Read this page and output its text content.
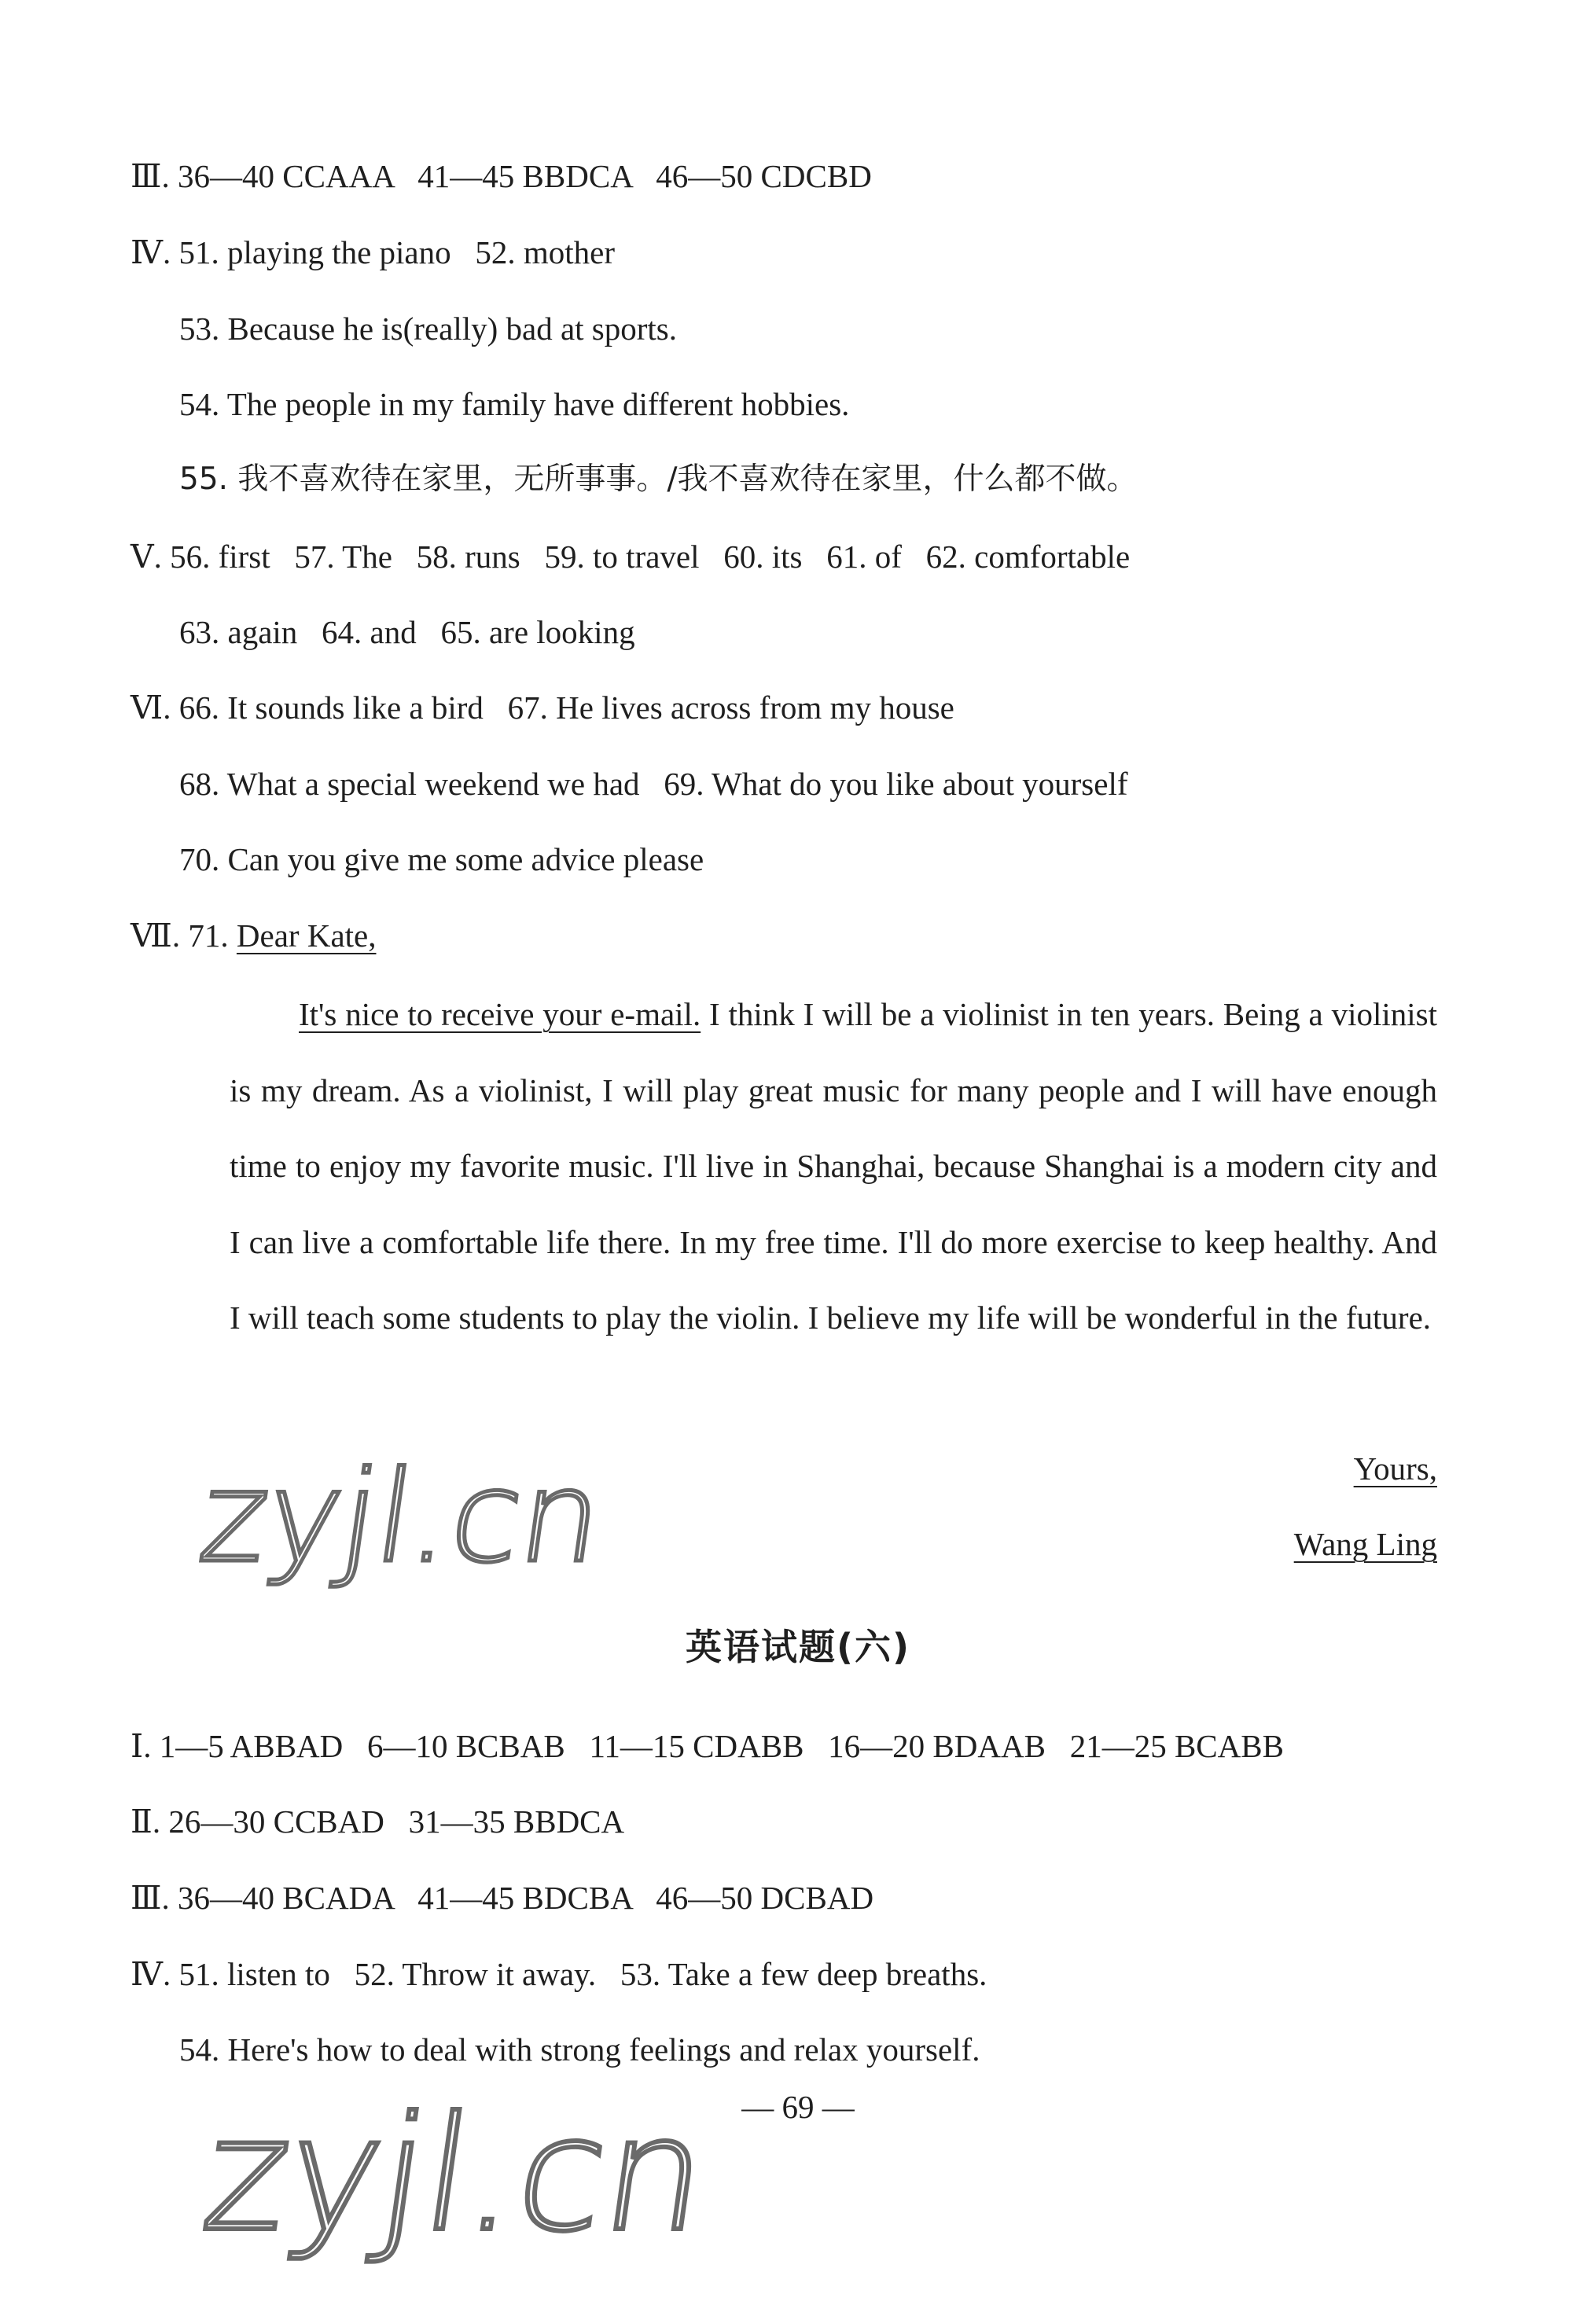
Ⅲ. 36—40 CCAAA   41—45 BBDCA   46—50 CDCBD
Ⅳ. 51. playing the piano   52. mother
53. Because he is(really) bad at sports.
54. The people in my family have different hobbies.
55. 我不喜欢待在家里，无所事事。/我不喜欢待在家里，什么都不做。
Ⅴ. 56. first   57. The   58. runs   59. to travel   60. its   61. of   62. comfortable
63. again   64. and   65. are looking
Ⅵ. 66. It sounds like a bird   67. He lives across from my house
68. What a special weekend we had   69. What do you like about yourself
70. Can you give me some advice please
Ⅶ. 71. Dear Kate,
It's nice to receive your e-mail. I think I will be a violinist in ten years. Being a violinist is my dream. As a violinist, I will play great music for many people and I will have enough time to enjoy my favorite music. I'll live in Shanghai, because Shanghai is a modern city and I can live a comfortable life there. In my free time. I'll do more exercise to keep healthy. And I will teach some students to play the violin. I believe my life will be wonderful in the future.
Yours,
Wang Ling
zyjl.cn
英语试题(六)
Ⅰ. 1—5 ABBAD   6—10 BCBAB   11—15 CDABB   16—20 BDAAB   21—25 BCABB
Ⅱ. 26—30 CCBAD   31—35 BBDCA
Ⅲ. 36—40 BCADA   41—45 BDCBA   46—50 DCBAD
Ⅳ. 51. listen to   52. Throw it away.   53. Take a few deep breaths.
54. Here's how to deal with strong feelings and relax yourself.
— 69 —
zyjl.cn
